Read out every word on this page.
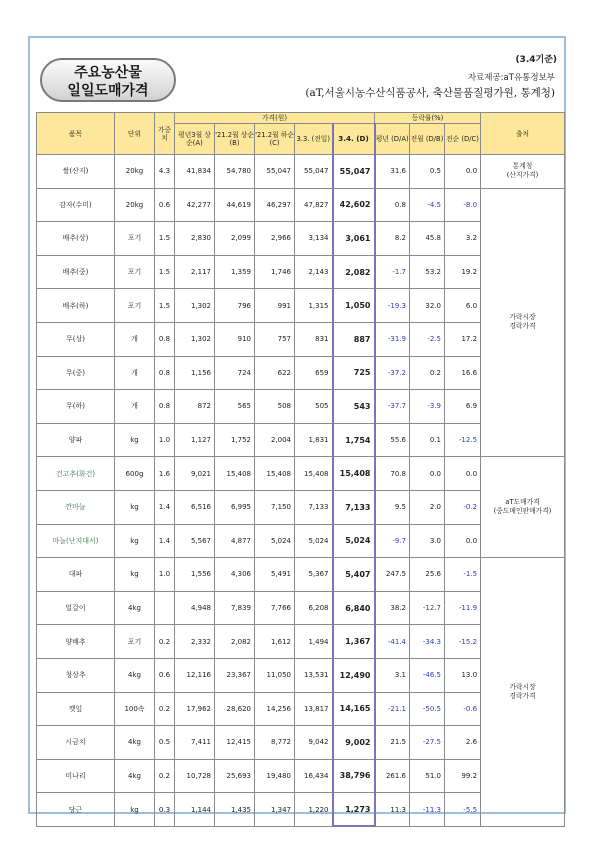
주요농산물
일일도매가격
(3.4기준)
자료제공:aT유통정보부
(aT,서울시농수산식품공사, 축산물품질평가원, 통계청)
품목	단위	가중치	가격(원)					등락률(%)			출처
			평년3월 상순(A)	'21.2월 상순(B)	'21.2월 하순(C)	3.3. (전일)	3.4. (D)	평년 (D/A)	전월 (D/B)	전순 (D/C)	
쌀(산지)	20kg	4.3	41,834	54,780	55,047	55,047	55,047	31.6	0.5	0.0	통계청
(산지가격)

감자(수미)	20kg	0.6	42,277	44,619	46,297	47,827	42,602	0.8	-4.5	-8.0	가락시장
경락가격

배추(상)	포기	1.5	2,830	2,099	2,966	3,134	3,061	8.2	45.8	3.2	
배추(중)	포기	1.5	2,117	1,359	1,746	2,143	2,082	-1.7	53.2	19.2	
배추(하)	포기	1.5	1,302	796	991	1,315	1,050	-19.3	32.0	6.0	
무(상)	개	0.8	1,302	910	757	831	887	-31.9	-2.5	17.2	
무(중)	개	0.8	1,156	724	622	659	725	-37.2	0.2	16.6	
무(하)	개	0.8	872	565	508	505	543	-37.7	-3.9	6.9	
양파	kg	1.0	1,127	1,752	2,004	1,831	1,754	55.6	0.1	-12.5	
건고추(화건)	600g	1.6	9,021	15,408	15,408	15,408	15,408	70.8	0.0	0.0	aT도매가격
(중도매인판매가격)

깐마늘	kg	1.4	6,516	6,995	7,150	7,133	7,133	9.5	2.0	-0.2	
마늘(난지대서)	kg	1.4	5,567	4,877	5,024	5,024	5,024	-9.7	3.0	0.0	
대파	kg	1.0	1,556	4,306	5,491	5,367	5,407	247.5	25.6	-1.5	가락시장
경락가격

얼갈이	4kg		4,948	7,839	7,766	6,208	6,840	38.2	-12.7	-11.9	
양배추	포기	0.2	2,332	2,082	1,612	1,494	1,367	-41.4	-34.3	-15.2	
청상추	4kg	0.6	12,116	23,367	11,050	13,531	12,490	3.1	-46.5	13.0	
깻잎	100속	0.2	17,962	28,620	14,256	13,817	14,165	-21.1	-50.5	-0.6	
시금치	4kg	0.5	7,411	12,415	8,772	9,042	9,002	21.5	-27.5	2.6	
미나리	4kg	0.2	10,728	25,693	19,480	16,434	38,796	261.6	51.0	99.2	
당근	kg	0.3	1,144	1,435	1,347	1,220	1,273	11.3	-11.3	-5.5	
